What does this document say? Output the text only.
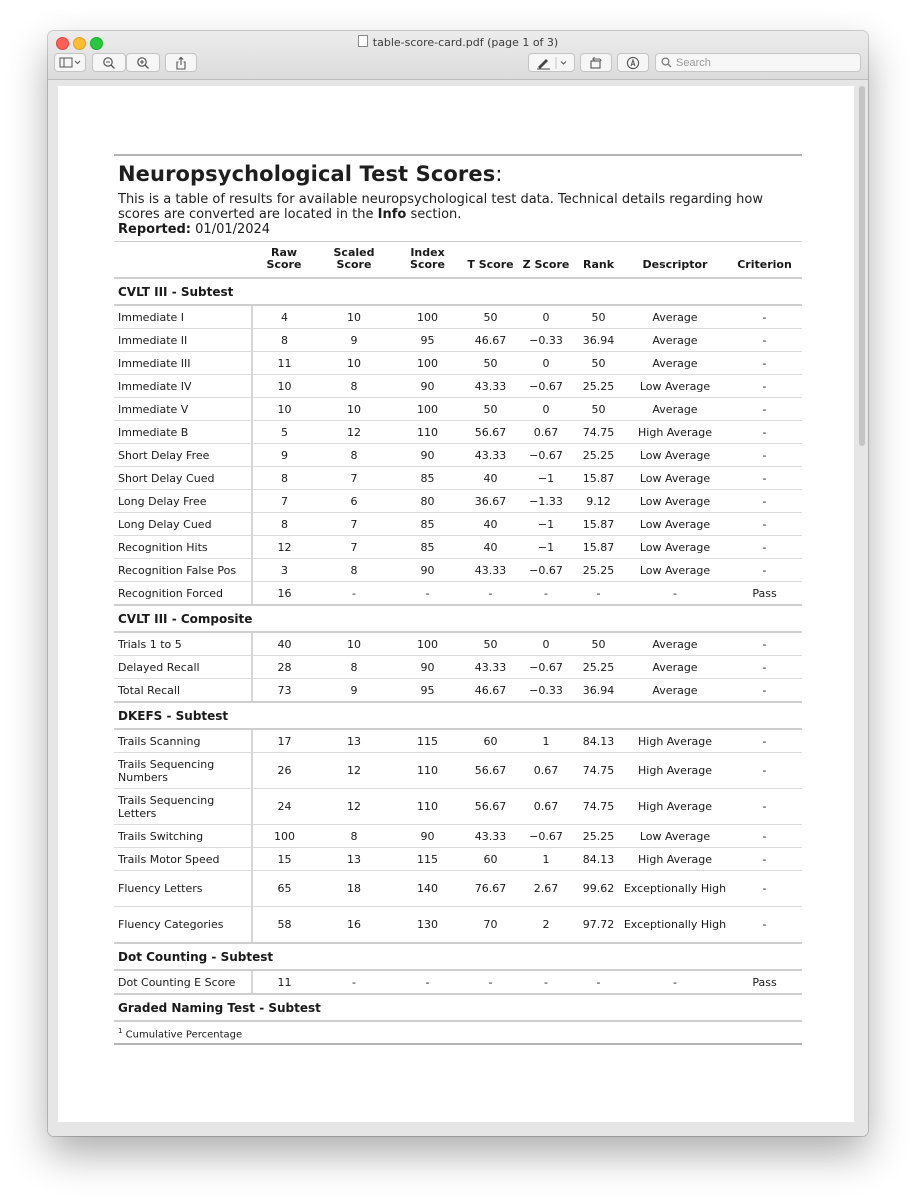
table-score-card.pdf (page 1 of 3)
Search
Neuropsychological Test Scores:

This is a table of results for available neuropsychological test data. Technical details regarding how scores are converted are located in the Info section.

Reported: 01/01/2024

	Raw Score	Scaled Score	Index Score	T Score	Z Score	Rank	Descriptor	Criterion
CVLT III - Subtest								
Immediate I	4	10	100	50	0	50	Average	-
Immediate II	8	9	95	46.67	−0.33	36.94	Average	-
Immediate III	11	10	100	50	0	50	Average	-
Immediate IV	10	8	90	43.33	−0.67	25.25	Low Average	-
Immediate V	10	10	100	50	0	50	Average	-
Immediate B	5	12	110	56.67	0.67	74.75	High Average	-
Short Delay Free	9	8	90	43.33	−0.67	25.25	Low Average	-
Short Delay Cued	8	7	85	40	−1	15.87	Low Average	-
Long Delay Free	7	6	80	36.67	−1.33	9.12	Low Average	-
Long Delay Cued	8	7	85	40	−1	15.87	Low Average	-
Recognition Hits	12	7	85	40	−1	15.87	Low Average	-
Recognition False Pos	3	8	90	43.33	−0.67	25.25	Low Average	-
Recognition Forced	16	-	-	-	-	-	-	Pass
CVLT III - Composite								
Trials 1 to 5	40	10	100	50	0	50	Average	-
Delayed Recall	28	8	90	43.33	−0.67	25.25	Average	-
Total Recall	73	9	95	46.67	−0.33	36.94	Average	-
DKEFS - Subtest								
Trails Scanning	17	13	115	60	1	84.13	High Average	-
Trails Sequencing Numbers	26	12	110	56.67	0.67	74.75	High Average	-
Trails Sequencing Letters	24	12	110	56.67	0.67	74.75	High Average	-
Trails Switching	100	8	90	43.33	−0.67	25.25	Low Average	-
Trails Motor Speed	15	13	115	60	1	84.13	High Average	-
Fluency Letters	65	18	140	76.67	2.67	99.62	Exceptionally High	-
Fluency Categories	58	16	130	70	2	97.72	Exceptionally High	-
Dot Counting - Subtest								
Dot Counting E Score	11	-	-	-	-	-	-	Pass
Graded Naming Test - Subtest								
$^1$ Cumulative Percentage
